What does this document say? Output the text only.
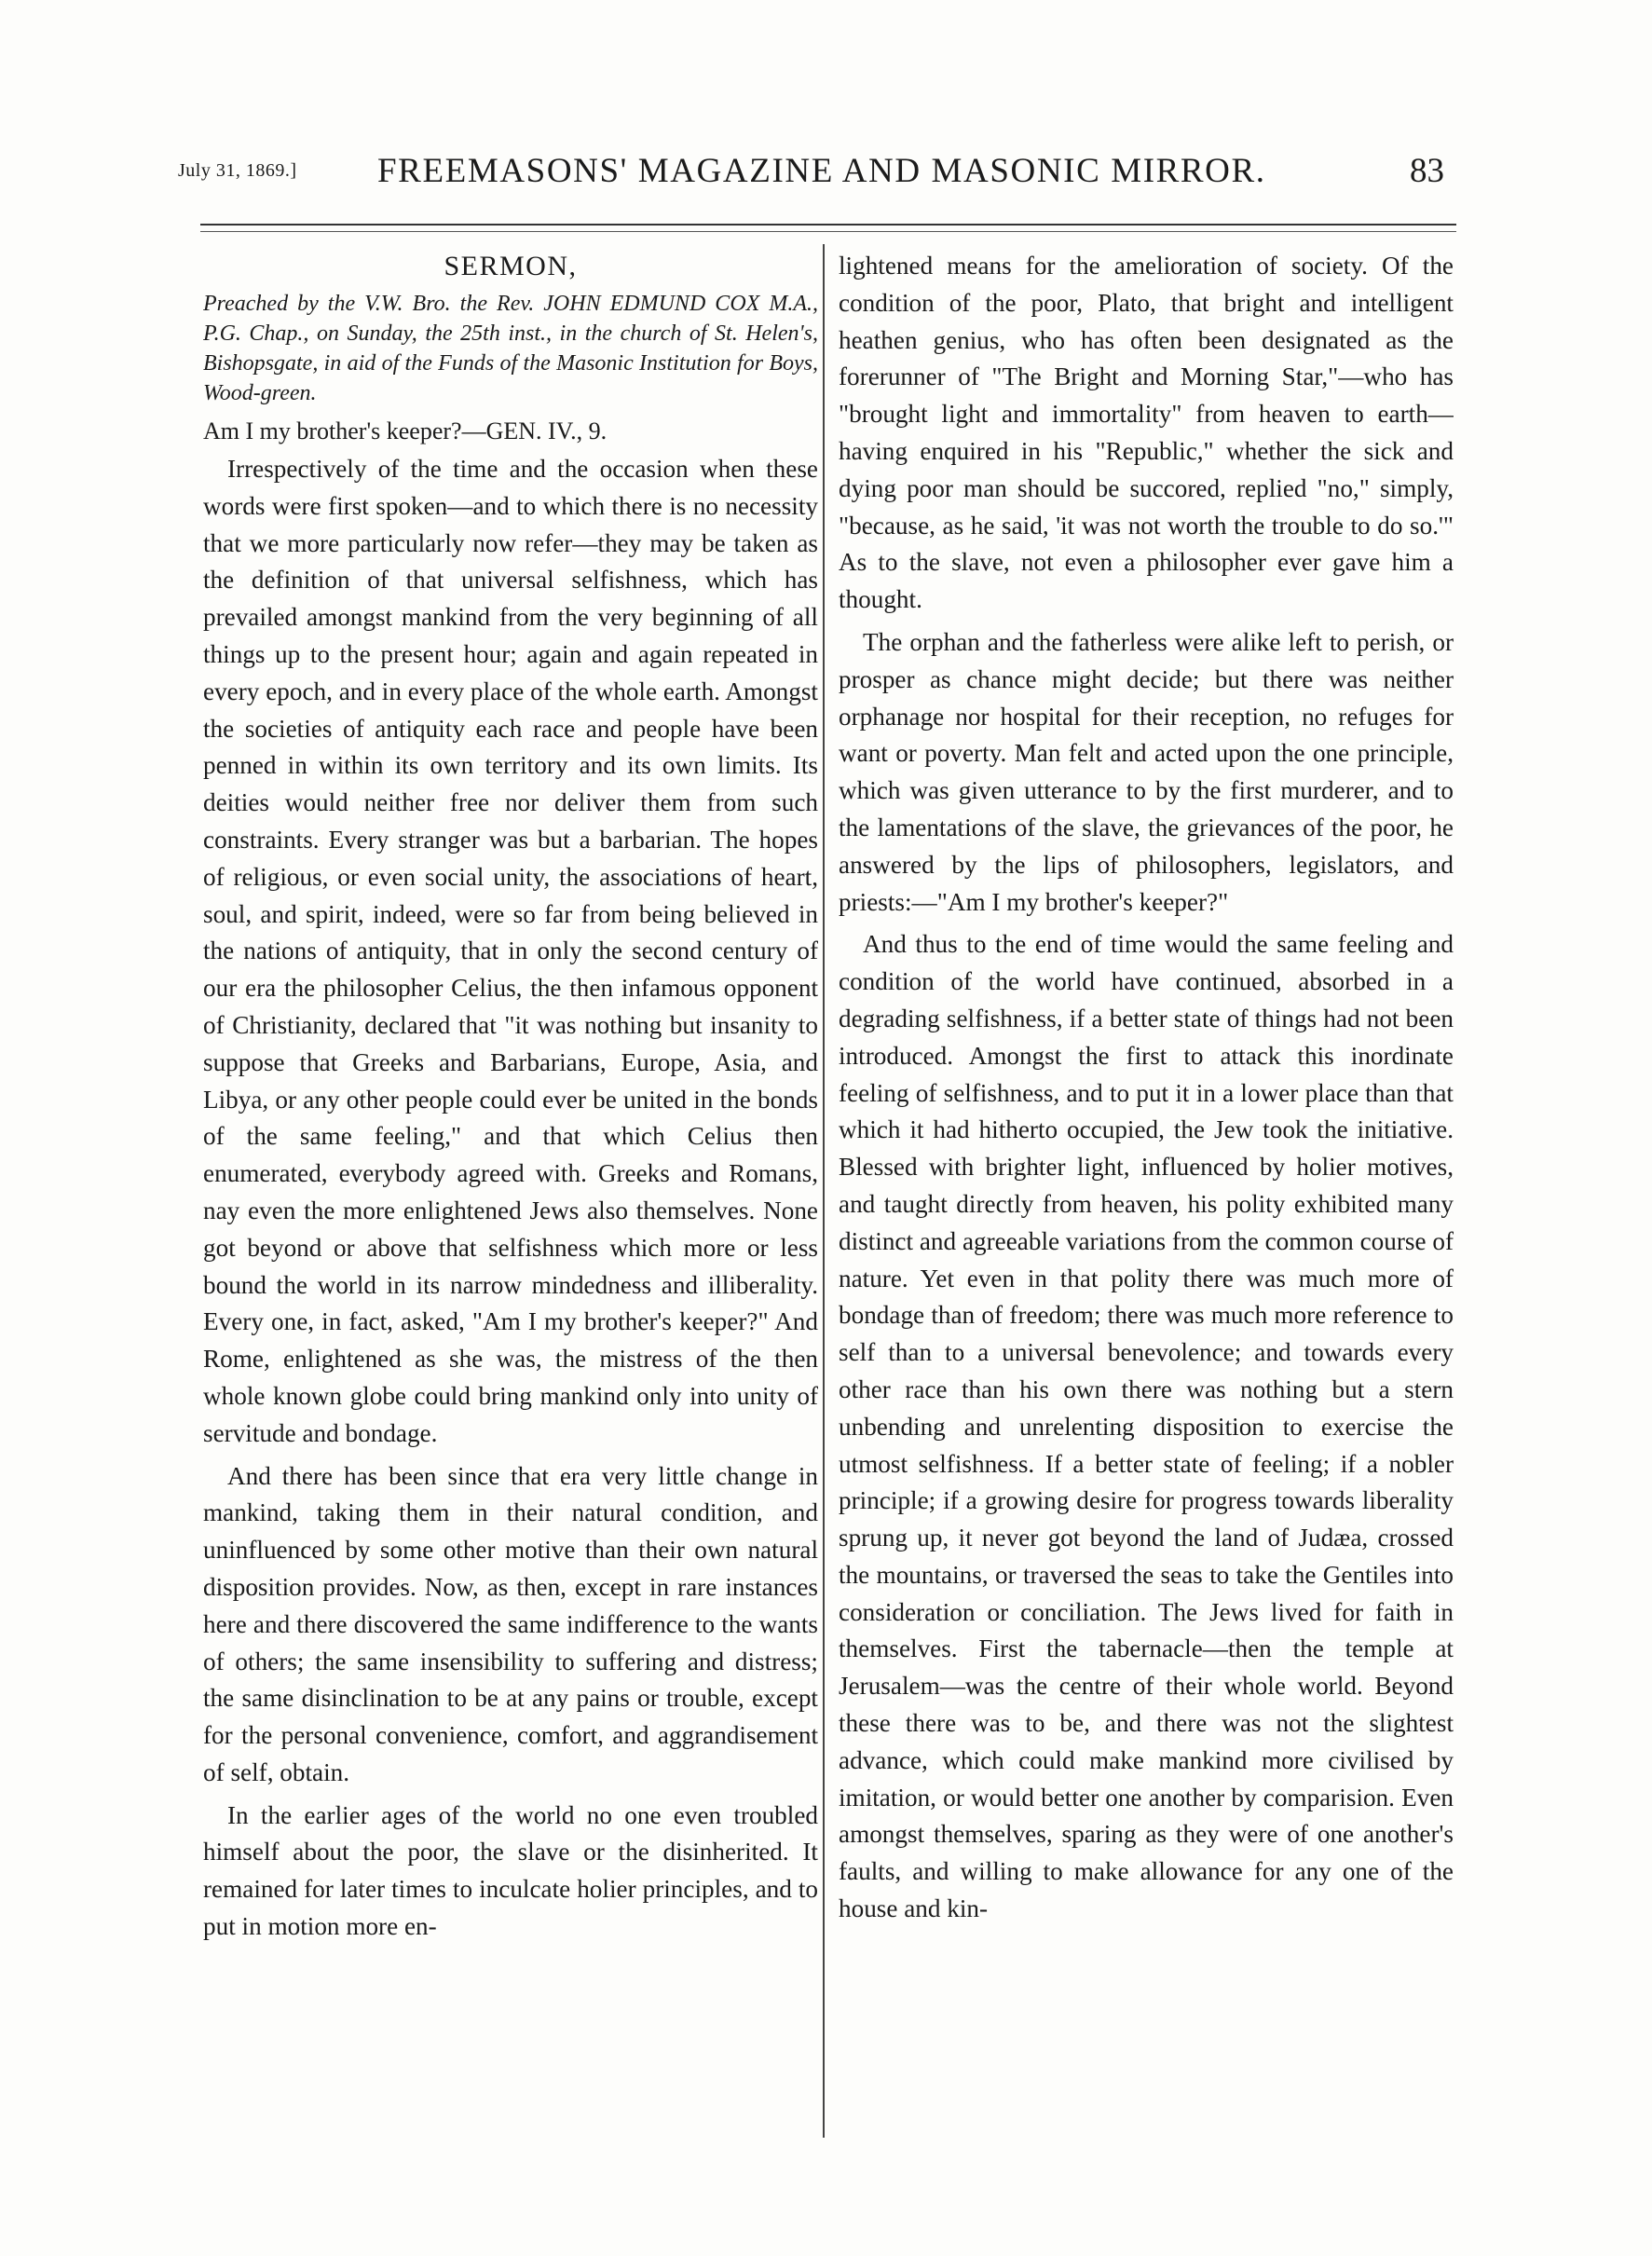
July 31, 1869.] FREEMASONS' MAGAZINE AND MASONIC MIRROR.	83
SERMON,

Preached by the V.W. Bro. the Rev. JOHN EDMUND COX M.A., P.G. Chap., on Sunday, the 25th inst., in the church of St. Helen's, Bishopsgate, in aid of the Funds of the Masonic Institution for Boys, Wood-green.

Am I my brother's keeper?—GEN. IV., 9.

Irrespectively of the time and the occasion when these words were first spoken—and to which there is no necessity that we more particularly now refer—they may be taken as the definition of that universal selfishness, which has prevailed amongst mankind from the very beginning of all things up to the present hour; again and again repeated in every epoch, and in every place of the whole earth. Amongst the societies of antiquity each race and people have been penned in within its own territory and its own limits. Its deities would neither free nor deliver them from such constraints. Every stranger was but a barbarian. The hopes of religious, or even social unity, the associations of heart, soul, and spirit, indeed, were so far from being believed in the nations of antiquity, that in only the second century of our era the philosopher Celius, the then infamous opponent of Christianity, declared that "it was nothing but insanity to suppose that Greeks and Barbarians, Europe, Asia, and Libya, or any other people could ever be united in the bonds of the same feeling," and that which Celius then enumerated, everybody agreed with. Greeks and Romans, nay even the more enlightened Jews also themselves. None got beyond or above that selfishness which more or less bound the world in its narrow mindedness and illiberality. Every one, in fact, asked, "Am I my brother's keeper?" And Rome, enlightened as she was, the mistress of the then whole known globe could bring mankind only into unity of servitude and bondage.

And there has been since that era very little change in mankind, taking them in their natural condition, and uninfluenced by some other motive than their own natural disposition provides. Now, as then, except in rare instances here and there discovered the same indifference to the wants of others; the same insensibility to suffering and distress; the same disinclination to be at any pains or trouble, except for the personal convenience, comfort, and aggrandisement of self, obtain.

In the earlier ages of the world no one even troubled himself about the poor, the slave or the disinherited. It remained for later times to inculcate holier principles, and to put in motion more en-

lightened means for the amelioration of society. Of the condition of the poor, Plato, that bright and intelligent heathen genius, who has often been designated as the forerunner of "The Bright and Morning Star,"—who has "brought light and immortality" from heaven to earth—having enquired in his "Republic," whether the sick and dying poor man should be succored, replied "no," simply, "because, as he said, 'it was not worth the trouble to do so.'" As to the slave, not even a philosopher ever gave him a thought.

The orphan and the fatherless were alike left to perish, or prosper as chance might decide; but there was neither orphanage nor hospital for their reception, no refuges for want or poverty. Man felt and acted upon the one principle, which was given utterance to by the first murderer, and to the lamentations of the slave, the grievances of the poor, he answered by the lips of philosophers, legislators, and priests:—"Am I my brother's keeper?"

And thus to the end of time would the same feeling and condition of the world have continued, absorbed in a degrading selfishness, if a better state of things had not been introduced. Amongst the first to attack this inordinate feeling of selfishness, and to put it in a lower place than that which it had hitherto occupied, the Jew took the initiative. Blessed with brighter light, influenced by holier motives, and taught directly from heaven, his polity exhibited many distinct and agreeable variations from the common course of nature. Yet even in that polity there was much more of bondage than of freedom; there was much more reference to self than to a universal benevolence; and towards every other race than his own there was nothing but a stern unbending and unrelenting disposition to exercise the utmost selfishness. If a better state of feeling; if a nobler principle; if a growing desire for progress towards liberality sprung up, it never got beyond the land of Judæa, crossed the mountains, or traversed the seas to take the Gentiles into consideration or conciliation. The Jews lived for faith in themselves. First the tabernacle—then the temple at Jerusalem—was the centre of their whole world. Beyond these there was to be, and there was not the slightest advance, which could make mankind more civilised by imitation, or would better one another by comparision. Even amongst themselves, sparing as they were of one another's faults, and willing to make allowance for any one of the house and kin-
